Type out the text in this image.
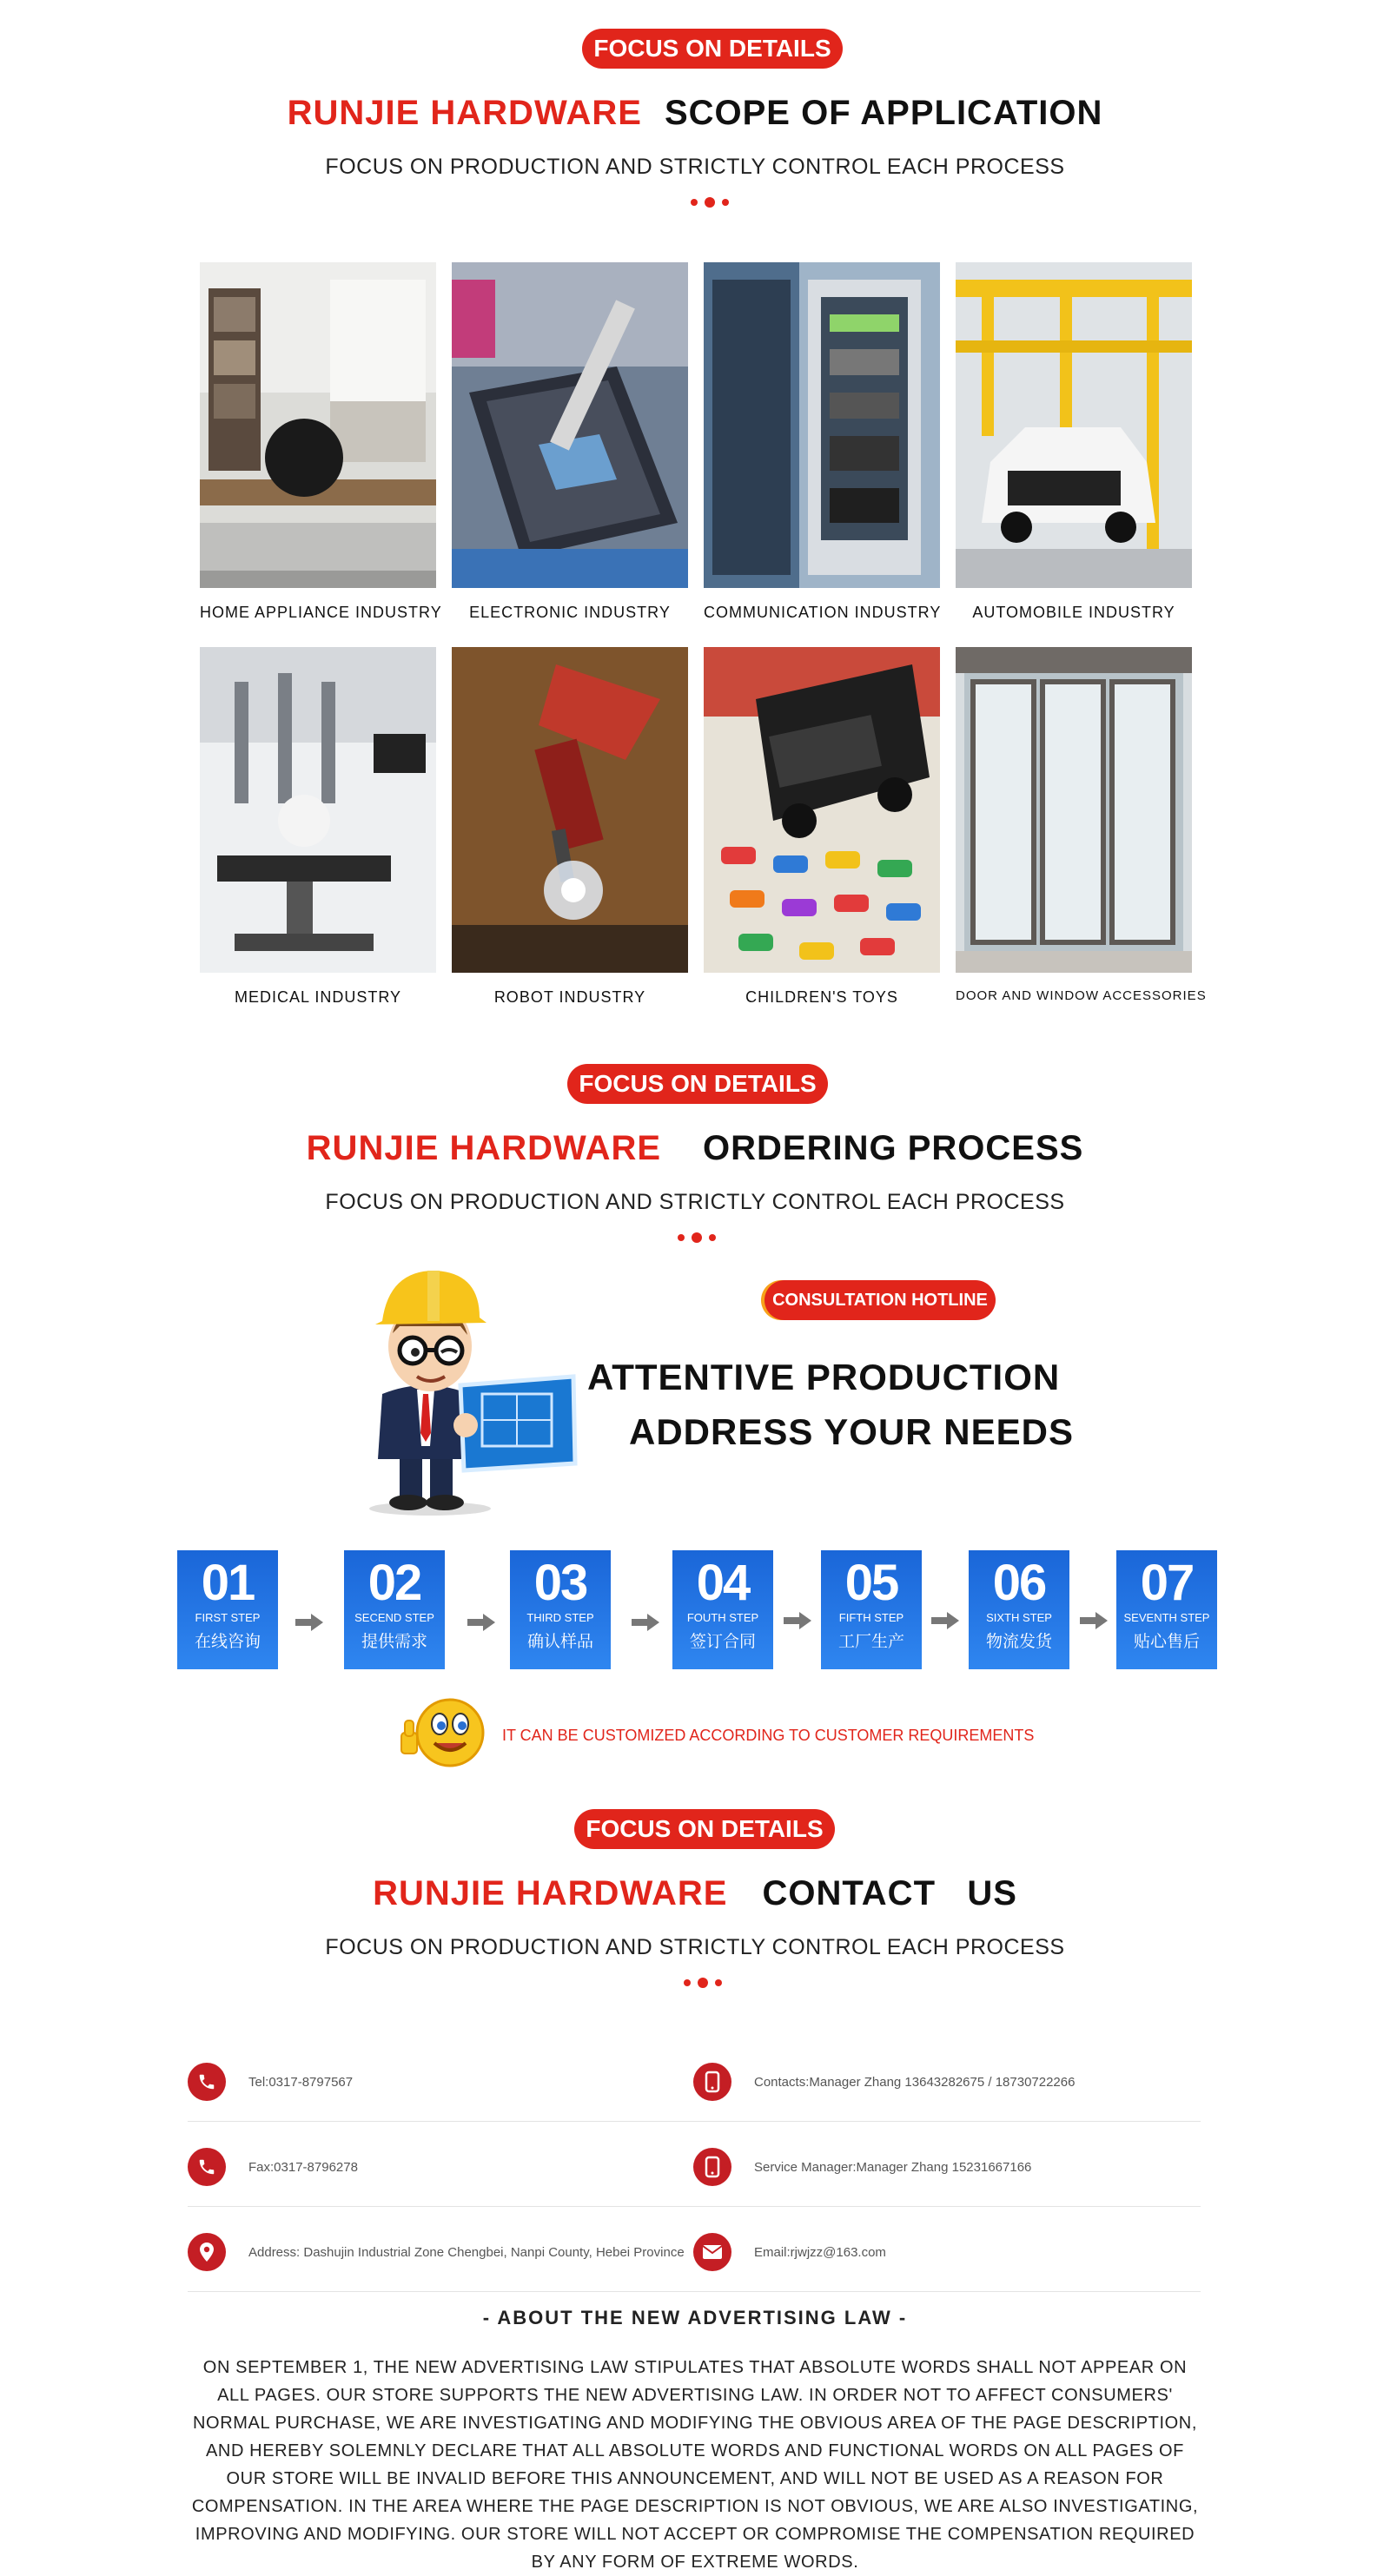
FOCUS ON DETAILS
RUNJIE HARDWARE SCOPE OF APPLICATION
FOCUS ON PRODUCTION AND STRICTLY CONTROL EACH PROCESS
HOME APPLIANCE INDUSTRY	ELECTRONIC INDUSTRY	COMMUNICATION INDUSTRY	AUTOMOBILE INDUSTRY
MEDICAL INDUSTRY	ROBOT INDUSTRY	CHILDREN'S TOYS	DOOR AND WINDOW ACCESSORIES
FOCUS ON DETAILS
RUNJIE HARDWARE ORDERING PROCESS
FOCUS ON PRODUCTION AND STRICTLY CONTROL EACH PROCESS
CONSULTATION HOTLINE
ATTENTIVE PRODUCTION
ADDRESS YOUR NEEDS
01
FIRST STEP
在线咨询
02
SECEND STEP
提供需求
03
THIRD STEP
确认样品
04
FOUTH STEP
签订合同
05
FIFTH STEP
工厂生产
06
SIXTH STEP
物流发货
07
SEVENTH STEP
贴心售后
IT CAN BE CUSTOMIZED ACCORDING TO CUSTOMER REQUIREMENTS
FOCUS ON DETAILS
RUNJIE HARDWARE CONTACT   US
FOCUS ON PRODUCTION AND STRICTLY CONTROL EACH PROCESS
Tel:0317-8797567	Contacts:Manager Zhang 13643282675 / 18730722266
Fax:0317-8796278	Service Manager:Manager Zhang 15231667166
Address: Dashujin Industrial Zone Chengbei, Nanpi County, Hebei Province	Email:rjwjzz@163.com
- ABOUT THE NEW ADVERTISING LAW -
ON SEPTEMBER 1, THE NEW ADVERTISING LAW STIPULATES THAT ABSOLUTE WORDS SHALL NOT APPEAR ON ALL PAGES. OUR STORE SUPPORTS THE NEW ADVERTISING LAW. IN ORDER NOT TO AFFECT CONSUMERS' NORMAL PURCHASE, WE ARE INVESTIGATING AND MODIFYING THE OBVIOUS AREA OF THE PAGE DESCRIPTION, AND HEREBY SOLEMNLY DECLARE THAT ALL ABSOLUTE WORDS AND FUNCTIONAL WORDS ON ALL PAGES OF OUR STORE WILL BE INVALID BEFORE THIS ANNOUNCEMENT, AND WILL NOT BE USED AS A REASON FOR COMPENSATION. IN THE AREA WHERE THE PAGE DESCRIPTION IS NOT OBVIOUS, WE ARE ALSO INVESTIGATING, IMPROVING AND MODIFYING. OUR STORE WILL NOT ACCEPT OR COMPROMISE THE COMPENSATION REQUIRED BY ANY FORM OF EXTREME WORDS.
